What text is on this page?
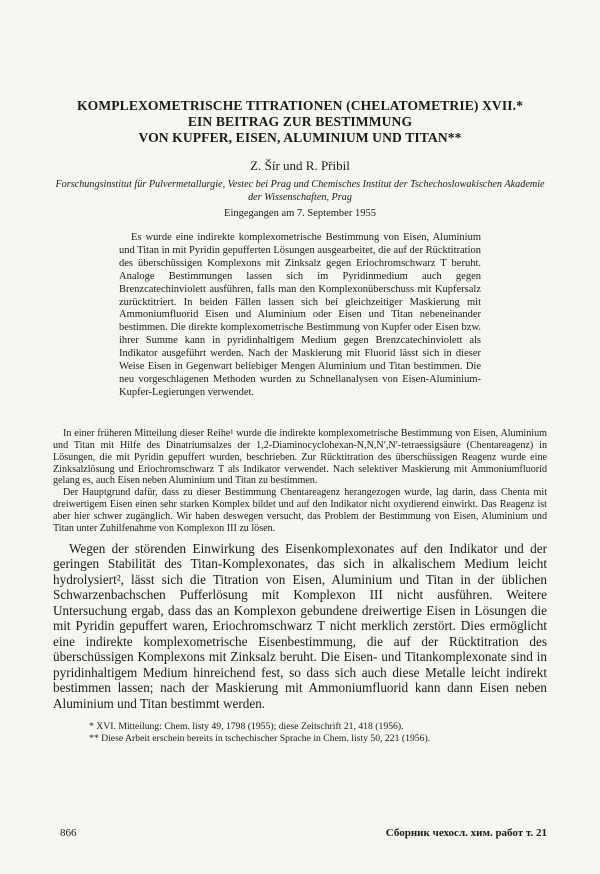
KOMPLEXOMETRISCHE TITRATIONEN (CHELATOMETRIE) XVII.*
EIN BEITRAG ZUR BESTIMMUNG
VON KUPFER, EISEN, ALUMINIUM UND TITAN**
Z. Šír und R. Přibil
Forschungsinstitut für Pulvermetallurgie, Vestec bei Prag und Chemisches Institut der Tschechoslowakischen Akademie der Wissenschaften, Prag
Eingegangen am 7. September 1955

Es wurde eine indirekte komplexometrische Bestimmung von Eisen, Aluminium und Titan in mit Pyridin gepufferten Lösungen ausgearbeitet, die auf der Rücktitration des überschüssigen Komplexons mit Zinksalz gegen Eriochromschwarz T beruht. Analoge Bestimmungen lassen sich im Pyridinmedium auch gegen Brenzcatechinviolett ausführen, falls man den Komplexonüberschuss mit Kupfersalz zurücktitriert. In beiden Fällen lassen sich bei gleichzeitiger Maskierung mit Ammoniumfluorid Eisen und Aluminium oder Eisen und Titan nebeneinander bestimmen. Die direkte komplexometrische Bestimmung von Kupfer oder Eisen bzw. ihrer Summe kann in pyridinhaltigem Medium gegen Brenzcatechinviolett als Indikator ausgeführt werden. Nach der Maskierung mit Fluorid lässt sich in dieser Weise Eisen in Gegenwart beliebiger Mengen Aluminium und Titan bestimmen. Die neu vorgeschlagenen Methoden wurden zu Schnellanalysen von Eisen-Aluminium-Kupfer-Legierungen verwendet.

In einer früheren Mitteilung dieser Reihe¹ wurde die indirekte komplexometrische Bestimmung von Eisen, Aluminium und Titan mit Hilfe des Dinatriumsalzes der 1,2-Diaminocyclohexan-N,N,N′,N′-tetraessigsäure (Chentareagenz) in Lösungen, die mit Pyridin gepuffert wurden, beschrieben. Zur Rücktitration des überschüssigen Reagenz wurde eine Zinksalzlösung und Eriochromschwarz T als Indikator verwendet. Nach selektiver Maskierung mit Ammoniumfluorid gelang es, auch Eisen neben Aluminium und Titan zu bestimmen.

Der Hauptgrund dafür, dass zu dieser Bestimmung Chentareagenz herangezogen wurde, lag darin, dass Chenta mit dreiwertigem Eisen einen sehr starken Komplex bildet und auf den Indikator nicht oxydierend einwirkt. Das Reagenz ist aber hier schwer zugänglich. Wir haben deswegen versucht, das Problem der Bestimmung von Eisen, Aluminium und Titan unter Zuhilfenahme von Komplexon III zu lösen.

Wegen der störenden Einwirkung des Eisenkomplexonates auf den Indikator und der geringen Stabilität des Titan-Komplexonates, das sich in alkalischem Medium leicht hydrolysiert², lässt sich die Titration von Eisen, Aluminium und Titan in der üblichen Schwarzenbachschen Pufferlösung mit Komplexon III nicht ausführen. Weitere Untersuchung ergab, dass das an Komplexon gebundene dreiwertige Eisen in Lösungen die mit Pyridin gepuffert waren, Eriochromschwarz T nicht merklich zerstört. Dies ermöglicht eine indirekte komplexometrische Eisenbestimmung, die auf der Rücktitration des überschüssigen Komplexons mit Zinksalz beruht. Die Eisen- und Titankomplexonate sind in pyridinhaltigem Medium hinreichend fest, so dass sich auch diese Metalle leicht indirekt bestimmen lassen; nach der Maskierung mit Ammoniumfluorid kann dann Eisen neben Aluminium und Titan bestimmt werden.

* XVI. Mitteilung: Chem. listy 49, 1798 (1955); diese Zeitschrift 21, 418 (1956).
** Diese Arbeit erschein bereits in tschechischer Sprache in Chem. listy 50, 221 (1956).
866	Сборник чехосл. хим. работ т. 21
